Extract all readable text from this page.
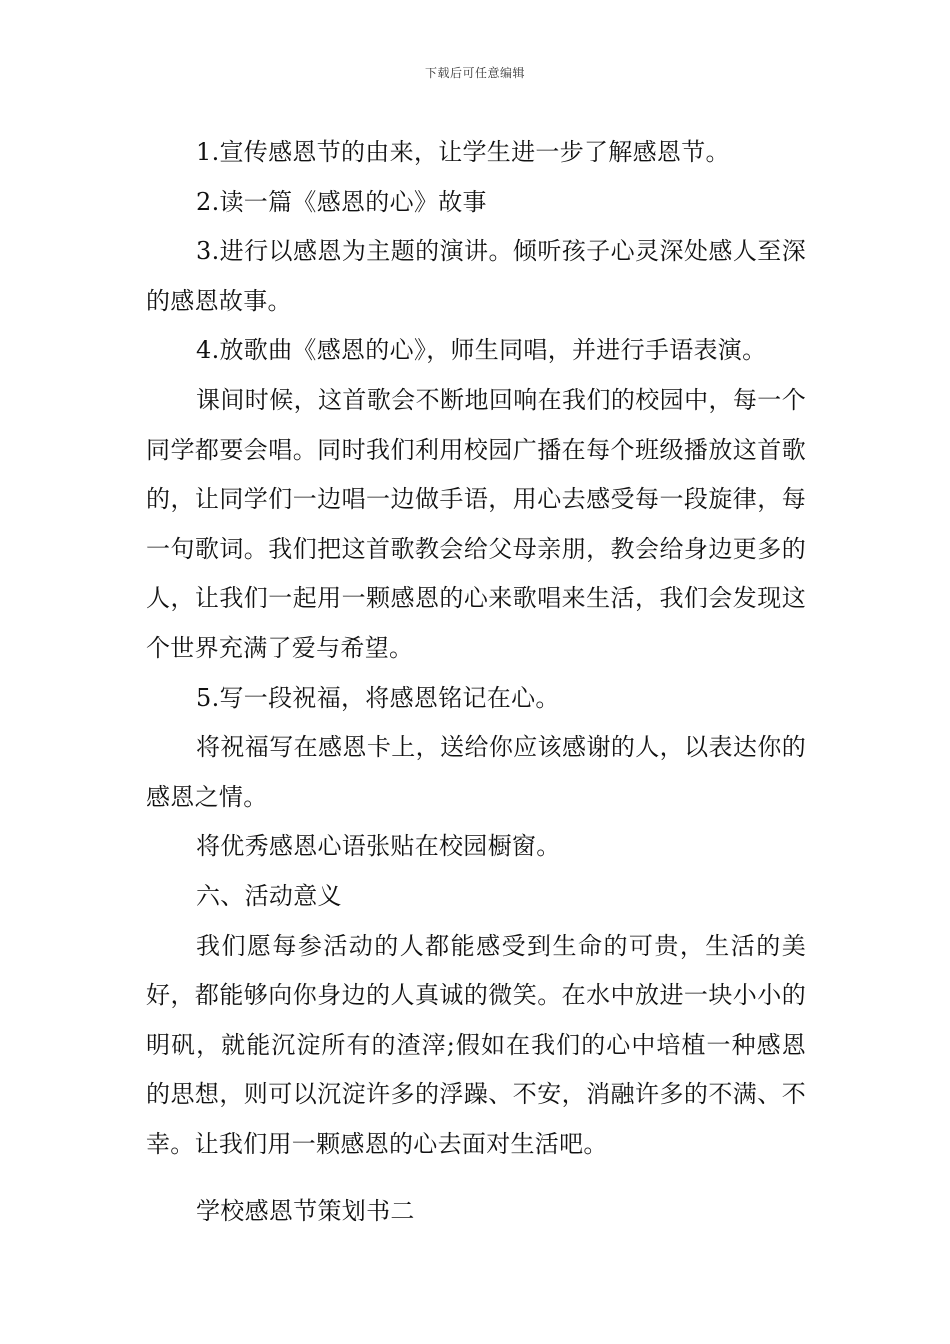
下载后可任意编辑

1.宣传感恩节的由来，让学生进一步了解感恩节。

2.读一篇《感恩的心》故事

3.进行以感恩为主题的演讲。倾听孩子心灵深处感人至深的感恩故事。

4.放歌曲《感恩的心》，师生同唱，并进行手语表演。

课间时候，这首歌会不断地回响在我们的校园中，每一个同学都要会唱。同时我们利用校园广播在每个班级播放这首歌的，让同学们一边唱一边做手语，用心去感受每一段旋律，每一句歌词。我们把这首歌教会给父母亲朋，教会给身边更多的人，让我们一起用一颗感恩的心来歌唱来生活，我们会发现这个世界充满了爱与希望。

5.写一段祝福，将感恩铭记在心。

将祝福写在感恩卡上，送给你应该感谢的人，以表达你的感恩之情。

将优秀感恩心语张贴在校园橱窗。

六、活动意义

我们愿每参活动的人都能感受到生命的可贵，生活的美好，都能够向你身边的人真诚的微笑。在水中放进一块小小的明矾，就能沉淀所有的渣滓;假如在我们的心中培植一种感恩的思想，则可以沉淀许多的浮躁、不安，消融许多的不满、不幸。让我们用一颗感恩的心去面对生活吧。

学校感恩节策划书二
